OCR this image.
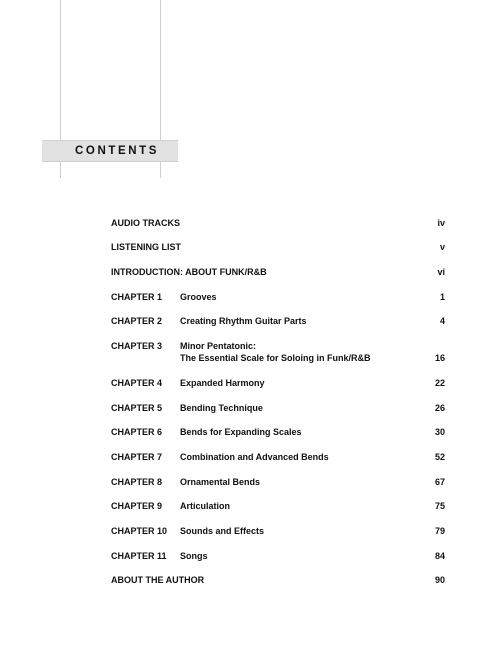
CONTENTS
AUDIO TRACKS	iv
LISTENING LIST	v
INTRODUCTION: ABOUT FUNK/R&B	vi
CHAPTER 1 Grooves	1
CHAPTER 2 Creating Rhythm Guitar Parts	4
CHAPTER 3 Minor Pentatonic:
The Essential Scale for Soloing in Funk/R&B	16
CHAPTER 4 Expanded Harmony	22
CHAPTER 5 Bending Technique	26
CHAPTER 6 Bends for Expanding Scales	30
CHAPTER 7 Combination and Advanced Bends	52
CHAPTER 8 Ornamental Bends	67
CHAPTER 9 Articulation	75
CHAPTER 10 Sounds and Effects	79
CHAPTER 11 Songs	84
ABOUT THE AUTHOR	90
